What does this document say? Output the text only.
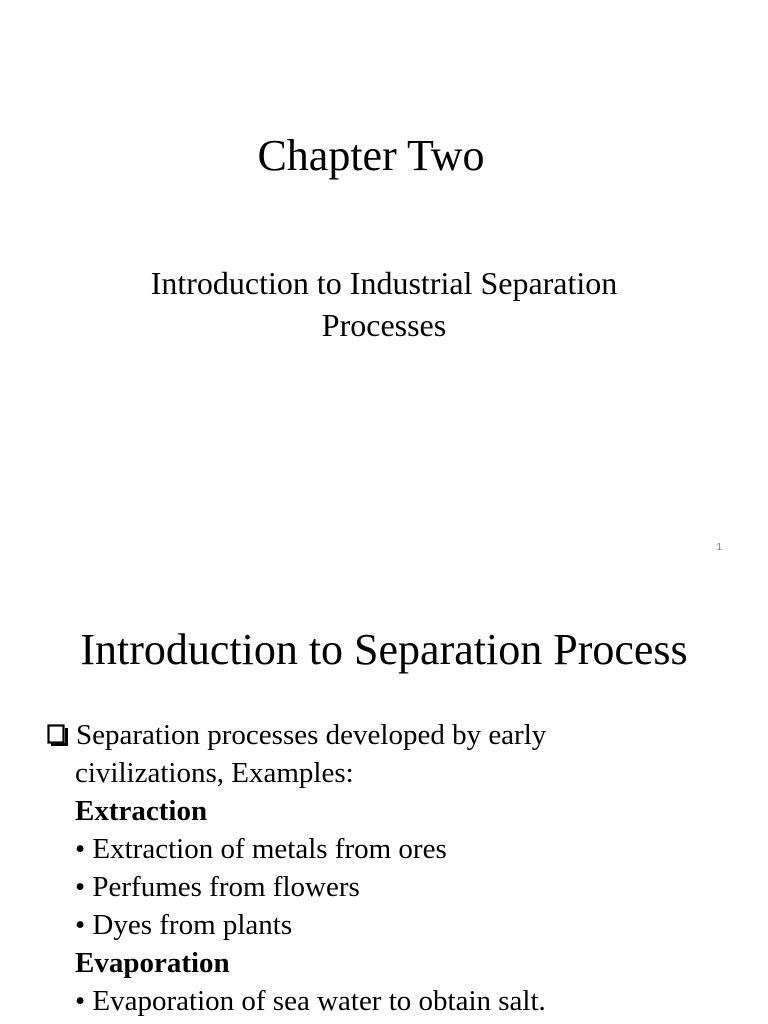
Chapter Two
Introduction to Industrial Separation
Processes
1
Introduction to Separation Process
Separation processes developed by early
civilizations, Examples:
Extraction
• Extraction of metals from ores
• Perfumes from flowers
• Dyes from plants
Evaporation
• Evaporation of sea water to obtain salt.
